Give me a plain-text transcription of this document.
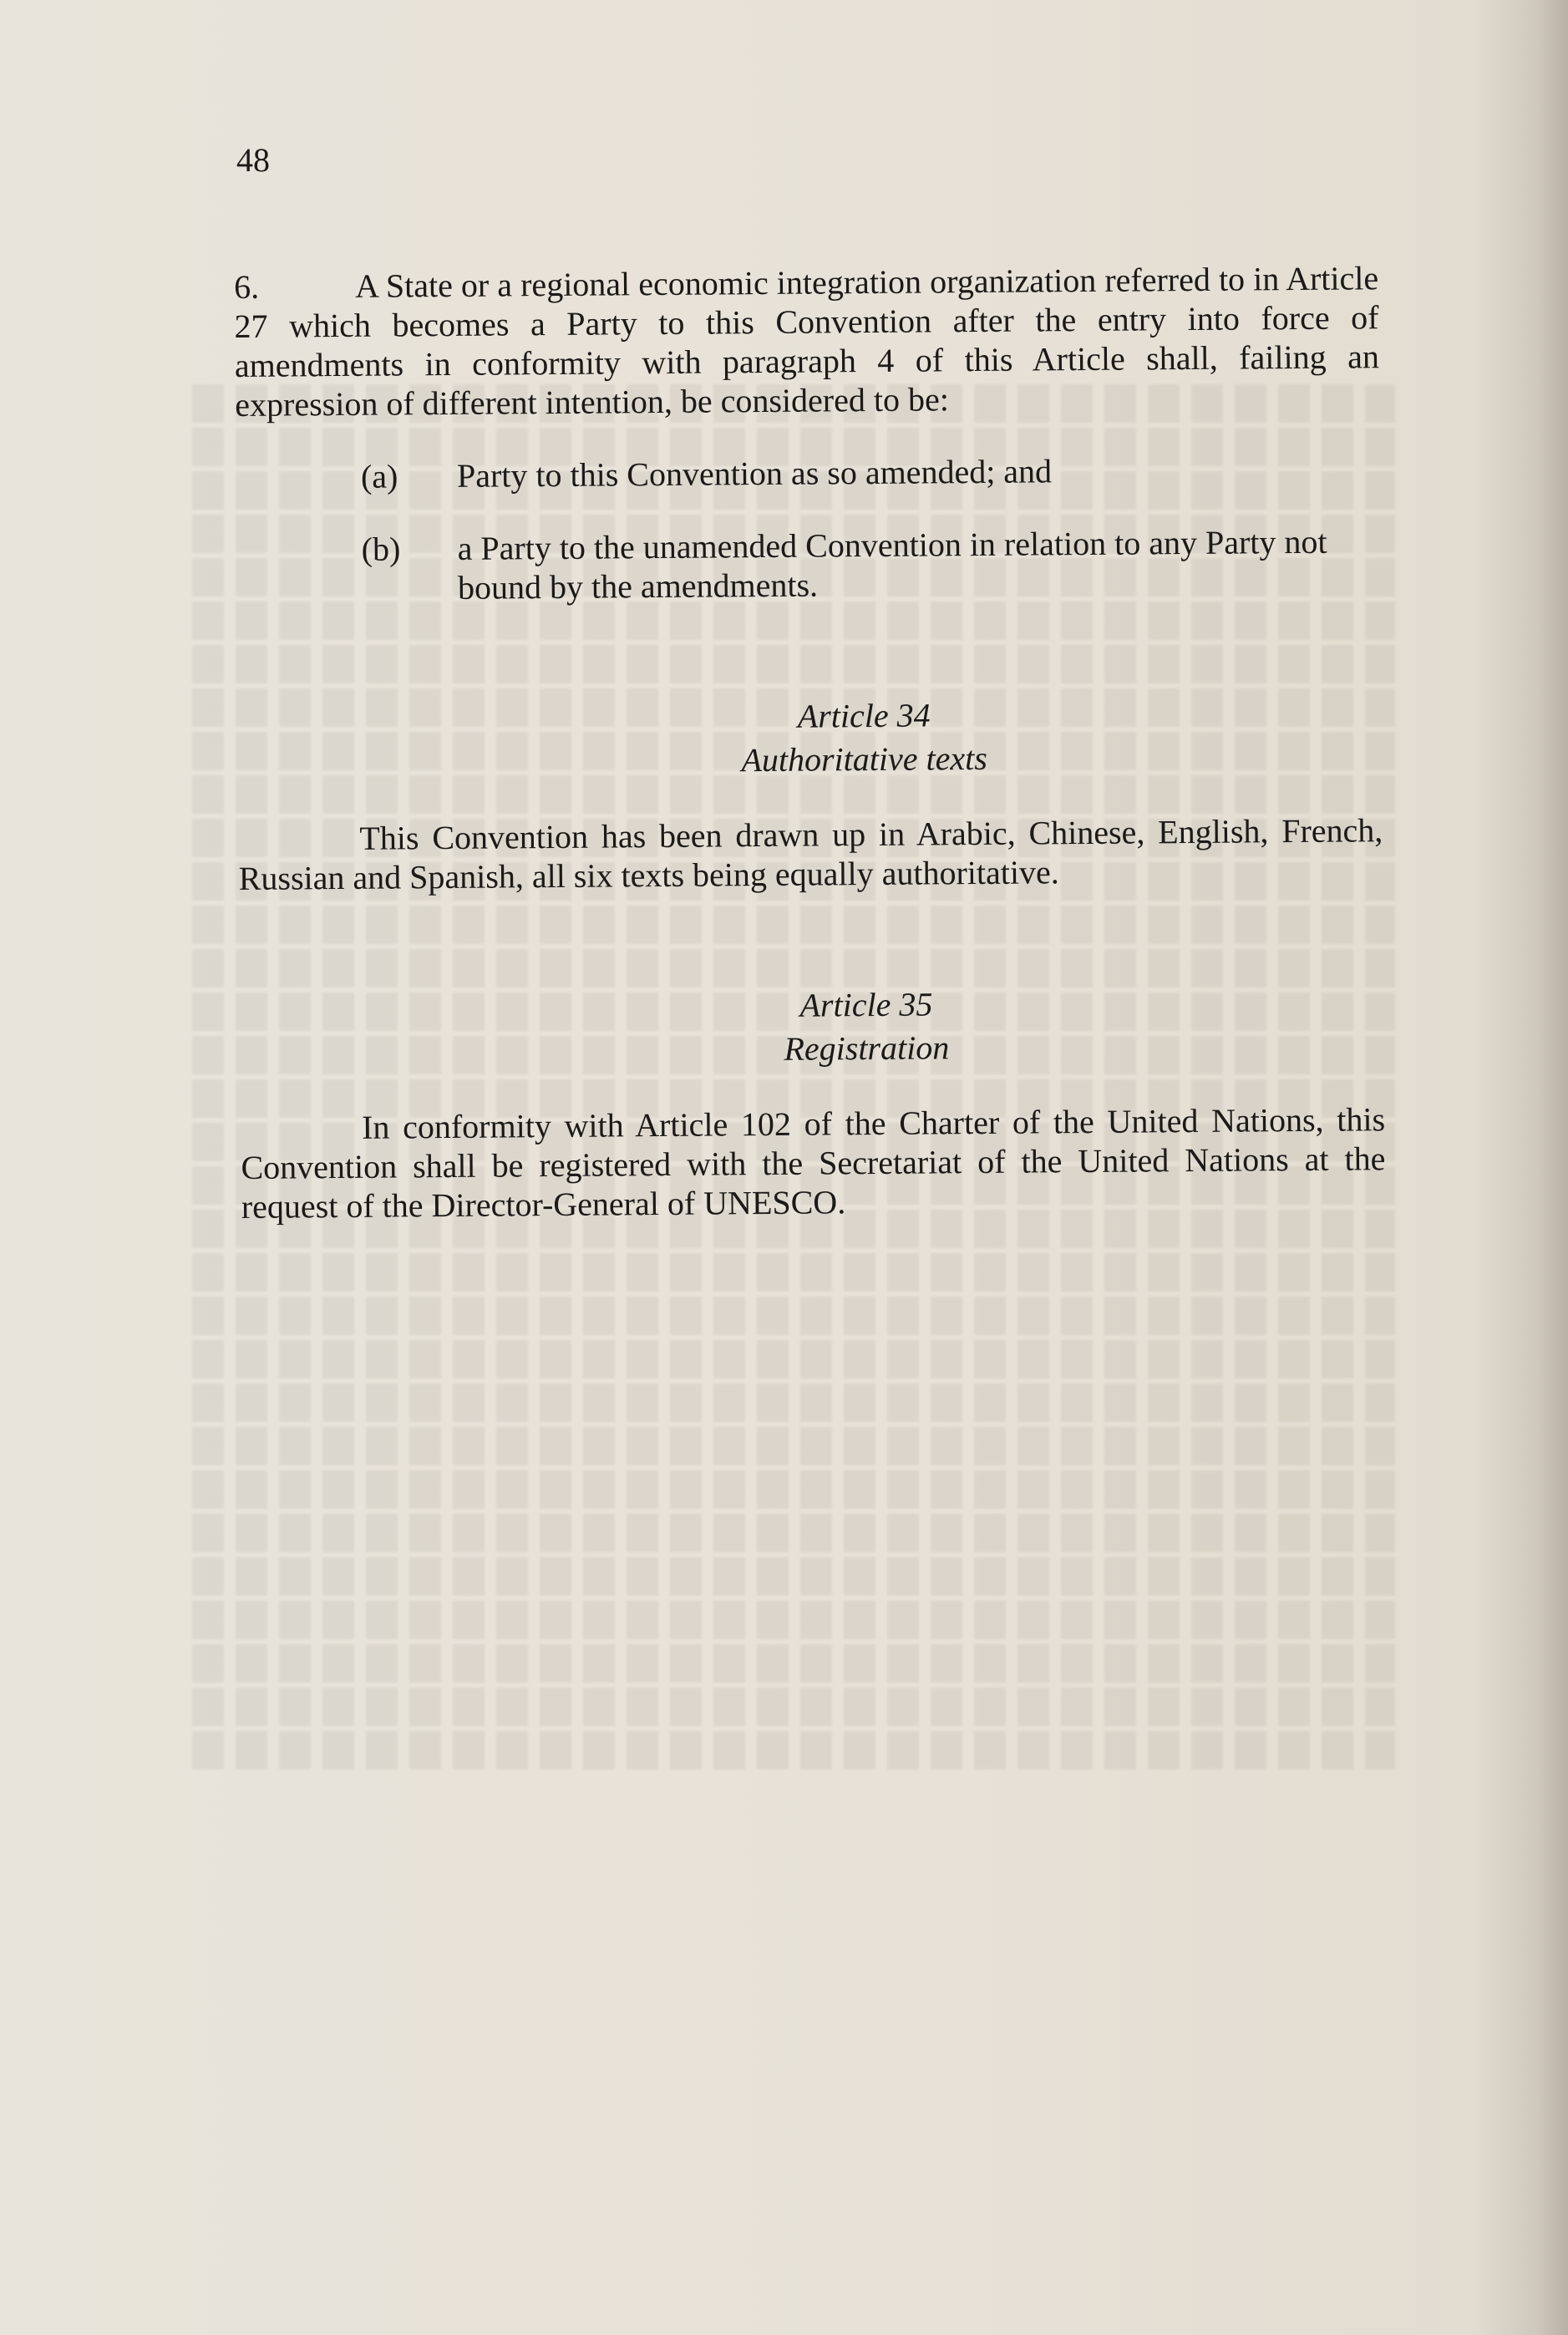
48

6.	A State or a regional economic integration organization referred to in Article 27 which becomes a Party to this Convention after the entry into force of amendments in conformity with paragraph 4 of this Article shall, failing an expression of different intention, be considered to be:

(a)	Party to this Convention as so amended; and
(b)	a Party to the unamended Convention in relation to any Party not bound by the amendments.
Article 34
Authoritative texts

This Convention has been drawn up in Arabic, Chinese, English, French, Russian and Spanish, all six texts being equally authoritative.

Article 35
Registration

In conformity with Article 102 of the Charter of the United Nations, this Convention shall be registered with the Secretariat of the United Nations at the request of the Director-General of UNESCO.
